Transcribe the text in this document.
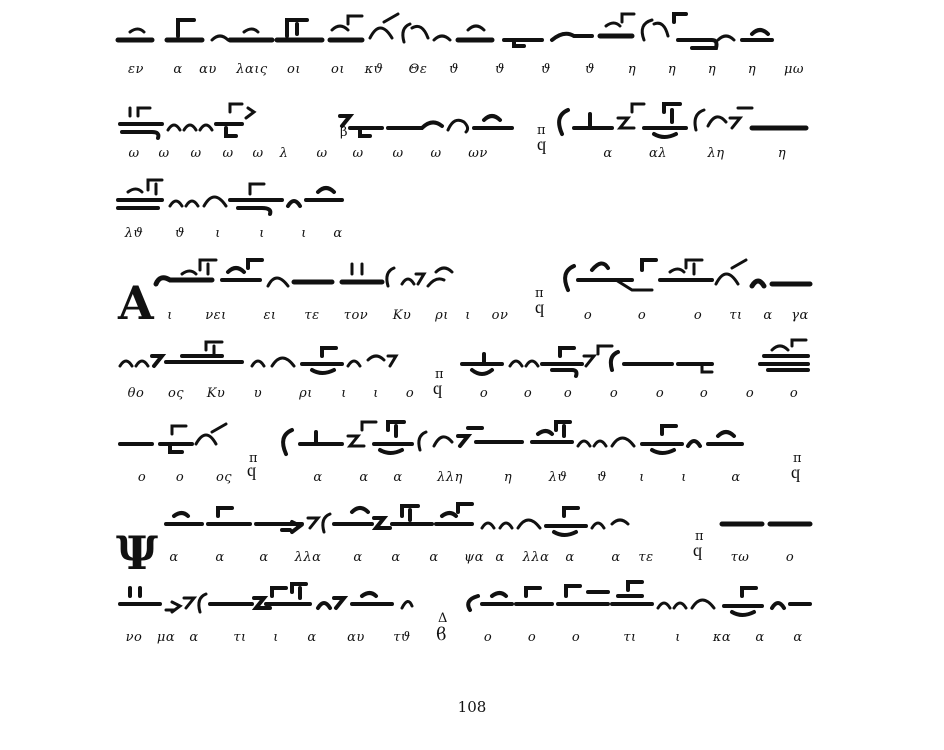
εν α αυ λαις οι οι κϑ Θε ϑ	ϑ	ϑ	ϑ	η η η η μω
β	π
ϥ
ω ω ω ω ω λ ω ω ω ω ων	α	αλ	λη	η
λϑ ϑ ι	ι	ι α
Α	π
ϥ
ι νει	ει τε τον Κυ ρι ι ον	ο	ο	ο τι α γα
π
ϥ
θο ος Κυ υ	ρι ι ι ο	ο	ο ο	ο	ο	ο	ο	ο
π
ϥ
π
ϥ
ο ο ος	α	α α	λλη	η	λϑ ϑ ι	ι	α
Ψ	π
ϥ
α	α	α λλα α α α ψα α λλα α	α τε	τω	ο
Δ
ϐ
νο μα α	τι ι α αυ τϑ	ο	ο	ο	τι	ι κα α α
108
